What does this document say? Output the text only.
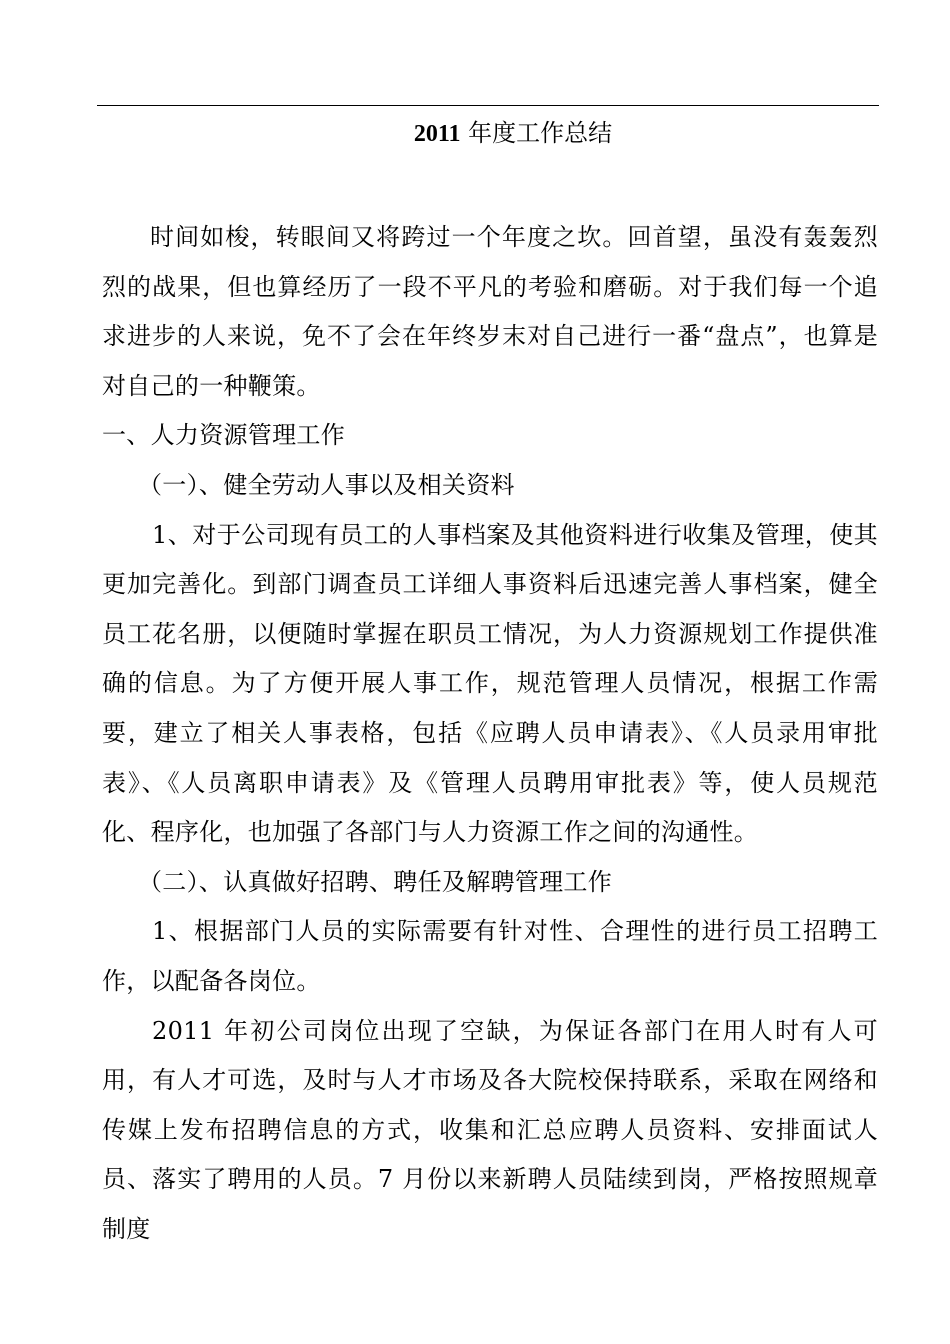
2011 年度工作总结

时间如梭，转眼间又将跨过一个年度之坎。回首望，虽没有轰轰烈烈的战果，但也算经历了一段不平凡的考验和磨砺。对于我们每一个追求进步的人来说，免不了会在年终岁末对自己进行一番“盘点”，也算是对自己的一种鞭策。

一、人力资源管理工作

（一）、健全劳动人事以及相关资料

1、对于公司现有员工的人事档案及其他资料进行收集及管理，使其更加完善化。到部门调查员工详细人事资料后迅速完善人事档案，健全员工花名册，以便随时掌握在职员工情况，为人力资源规划工作提供准确的信息。为了方便开展人事工作，规范管理人员情况，根据工作需要，建立了相关人事表格，包括《应聘人员申请表》、《人员录用审批表》、《人员离职申请表》及《管理人员聘用审批表》等，使人员规范化、程序化，也加强了各部门与人力资源工作之间的沟通性。

（二）、认真做好招聘、聘任及解聘管理工作

1、根据部门人员的实际需要有针对性、合理性的进行员工招聘工作，以配备各岗位。

2011 年初公司岗位出现了空缺，为保证各部门在用人时有人可用，有人才可选，及时与人才市场及各大院校保持联系，采取在网络和传媒上发布招聘信息的方式，收集和汇总应聘人员资料、安排面试人员、落实了聘用的人员。7 月份以来新聘人员陆续到岗，严格按照规章制度
